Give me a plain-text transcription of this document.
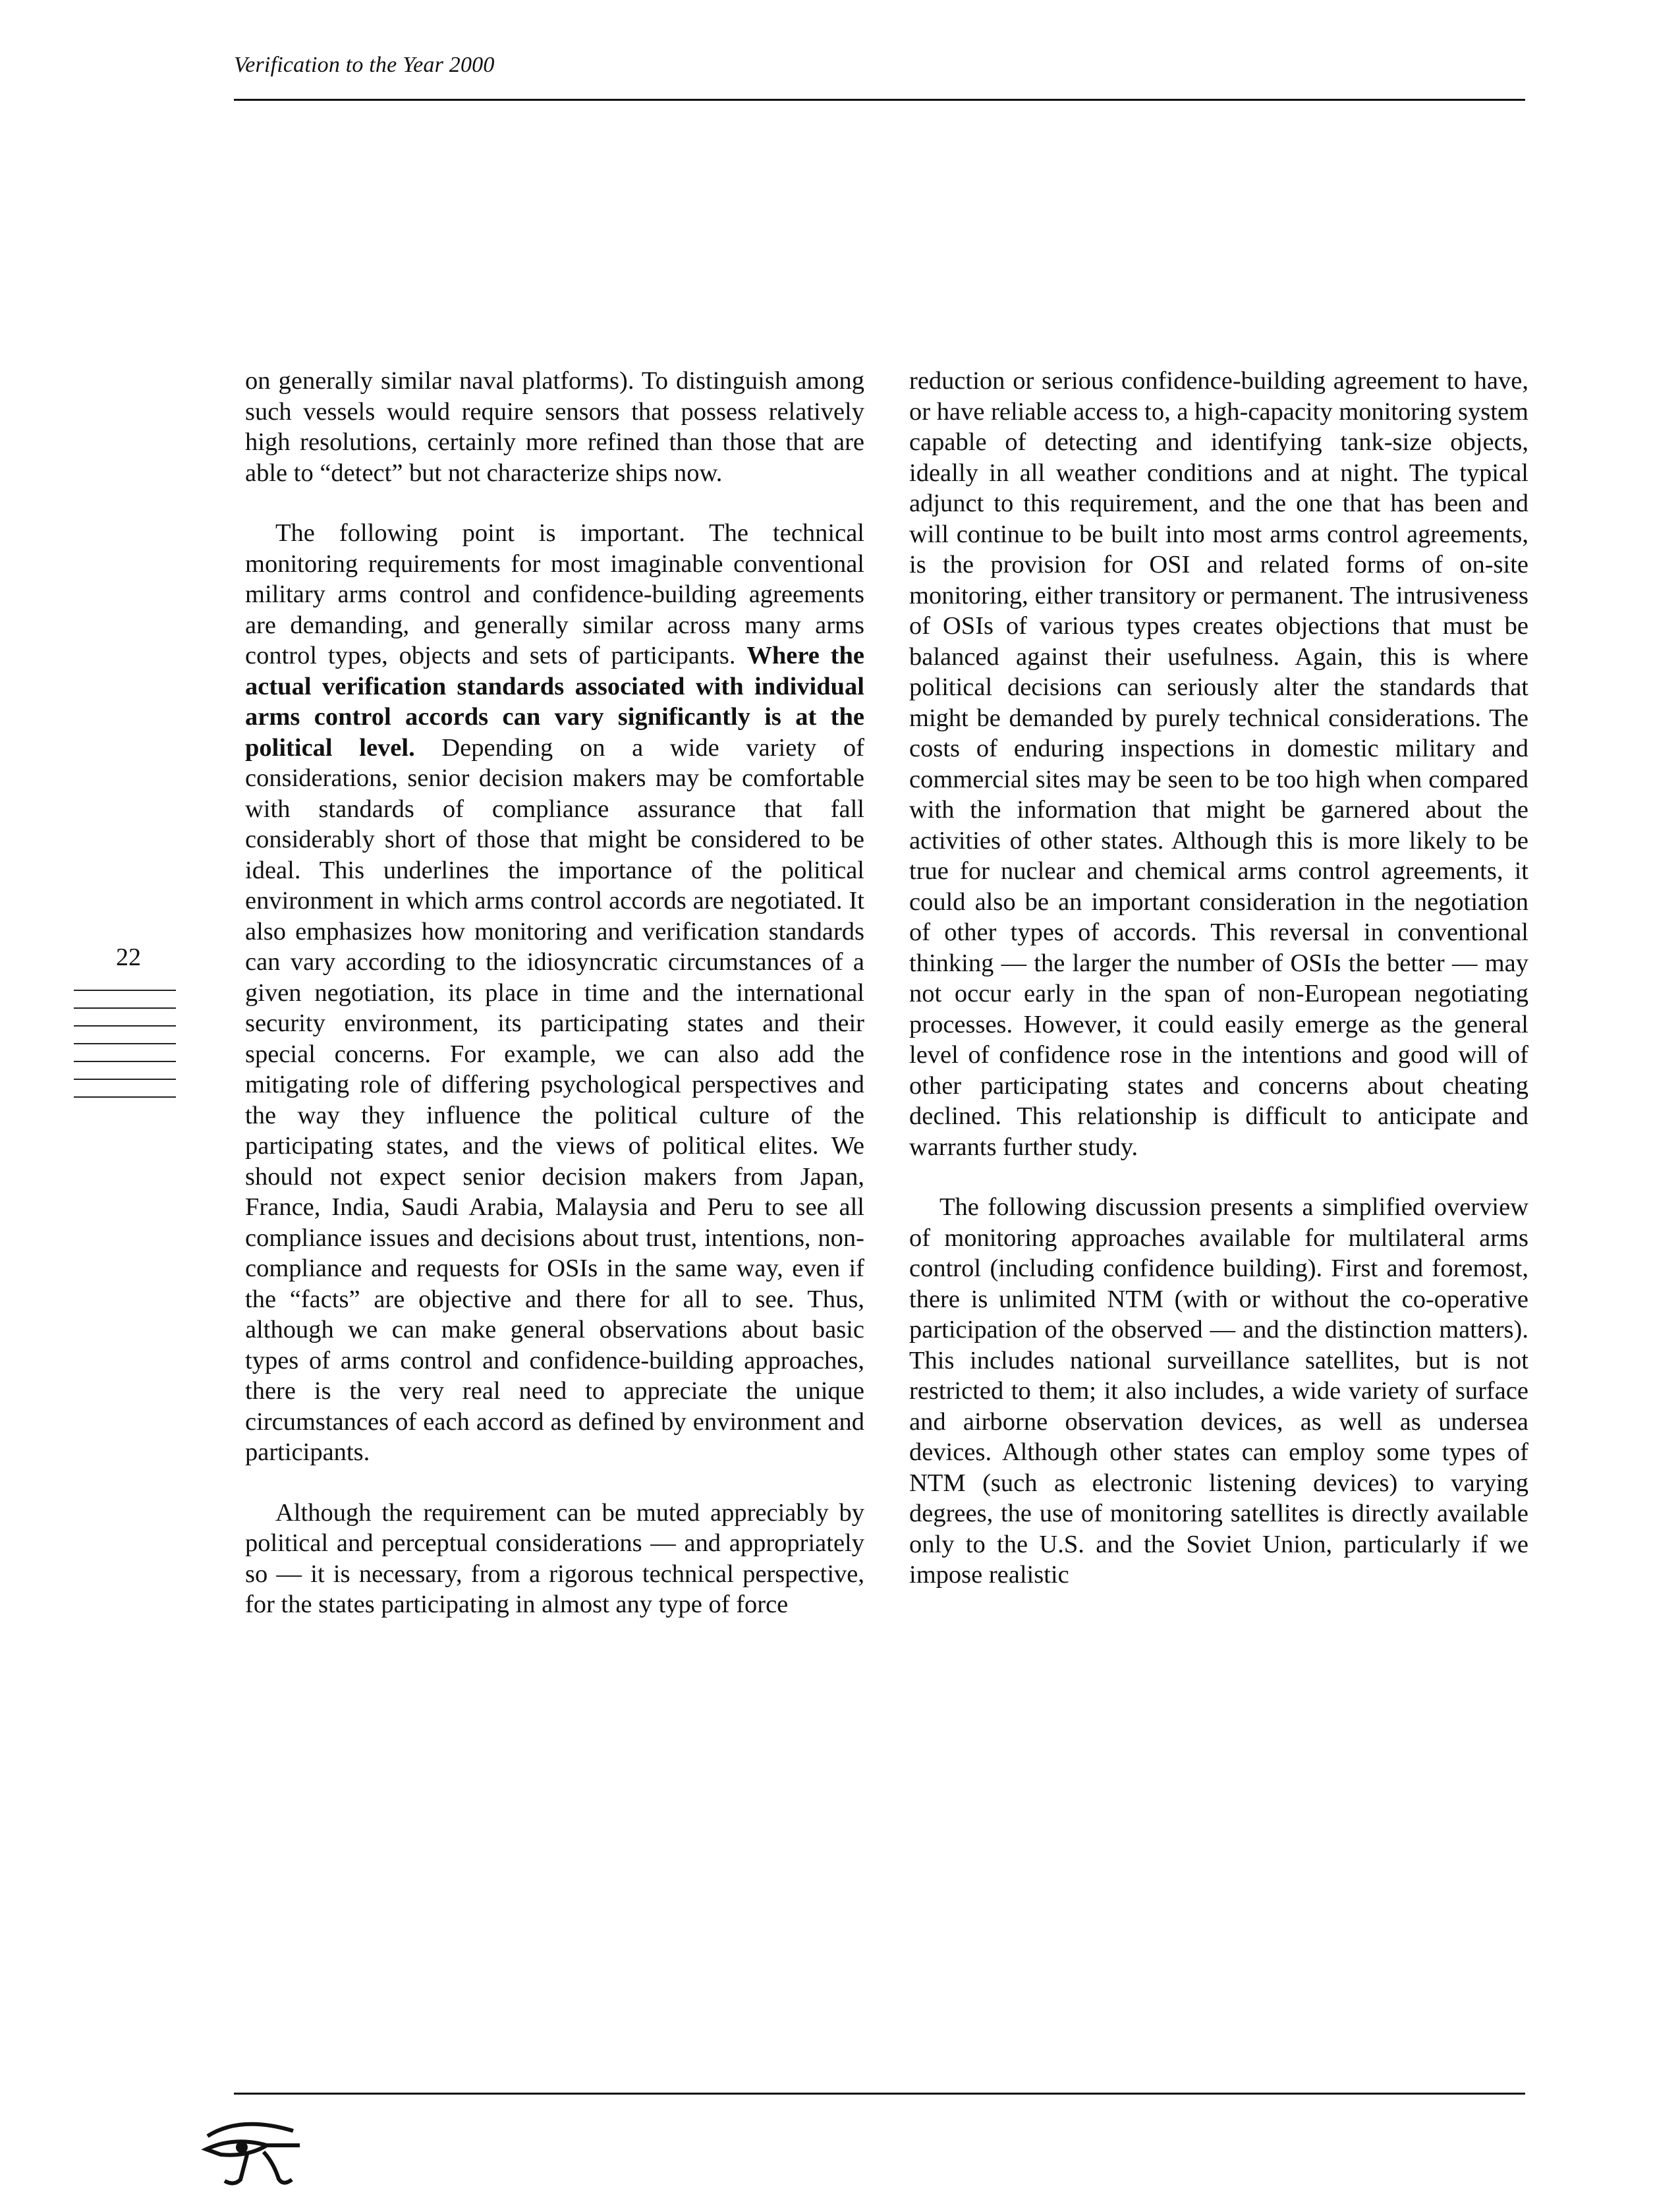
Verification to the Year 2000
22

on generally similar naval platforms). To distinguish among such vessels would require sensors that possess relatively high resolutions, certainly more refined than those that are able to “detect” but not characterize ships now.

The following point is important. The technical monitoring requirements for most imaginable conventional military arms control and confidence-building agreements are demanding, and generally similar across many arms control types, objects and sets of participants. Where the actual verification standards associated with individual arms control accords can vary significantly is at the political level. Depending on a wide variety of considerations, senior decision makers may be comfortable with standards of compliance assurance that fall considerably short of those that might be considered to be ideal. This underlines the importance of the political environment in which arms control accords are negotiated. It also emphasizes how monitoring and verification standards can vary according to the idiosyncratic circumstances of a given negotiation, its place in time and the international security environment, its participating states and their special concerns. For example, we can also add the mitigating role of differing psychological perspectives and the way they influence the political culture of the participating states, and the views of political elites. We should not expect senior decision makers from Japan, France, India, Saudi Arabia, Malaysia and Peru to see all compliance issues and decisions about trust, intentions, non-compliance and requests for OSIs in the same way, even if the “facts” are objective and there for all to see. Thus, although we can make general observations about basic types of arms control and confidence-building approaches, there is the very real need to appreciate the unique circumstances of each accord as defined by environment and participants.

Although the requirement can be muted appreciably by political and perceptual considerations — and appropriately so — it is necessary, from a rigorous technical perspective, for the states participating in almost any type of force

reduction or serious confidence-building agreement to have, or have reliable access to, a high-capacity monitoring system capable of detecting and identifying tank-size objects, ideally in all weather conditions and at night. The typical adjunct to this requirement, and the one that has been and will continue to be built into most arms control agreements, is the provision for OSI and related forms of on-site monitoring, either transitory or permanent. The intrusiveness of OSIs of various types creates objections that must be balanced against their usefulness. Again, this is where political decisions can seriously alter the standards that might be demanded by purely technical considerations. The costs of enduring inspections in domestic military and commercial sites may be seen to be too high when compared with the information that might be garnered about the activities of other states. Although this is more likely to be true for nuclear and chemical arms control agreements, it could also be an important consideration in the negotiation of other types of accords. This reversal in conventional thinking — the larger the number of OSIs the better — may not occur early in the span of non-European negotiating processes. However, it could easily emerge as the general level of confidence rose in the intentions and good will of other participating states and concerns about cheating declined. This relationship is difficult to anticipate and warrants further study.

The following discussion presents a simplified overview of monitoring approaches available for multilateral arms control (including confidence building). First and foremost, there is unlimited NTM (with or without the co-operative participation of the observed — and the distinction matters). This includes national surveillance satellites, but is not restricted to them; it also includes, a wide variety of surface and airborne observation devices, as well as undersea devices. Although other states can employ some types of NTM (such as electronic listening devices) to varying degrees, the use of monitoring satellites is directly available only to the U.S. and the Soviet Union, particularly if we impose realistic
